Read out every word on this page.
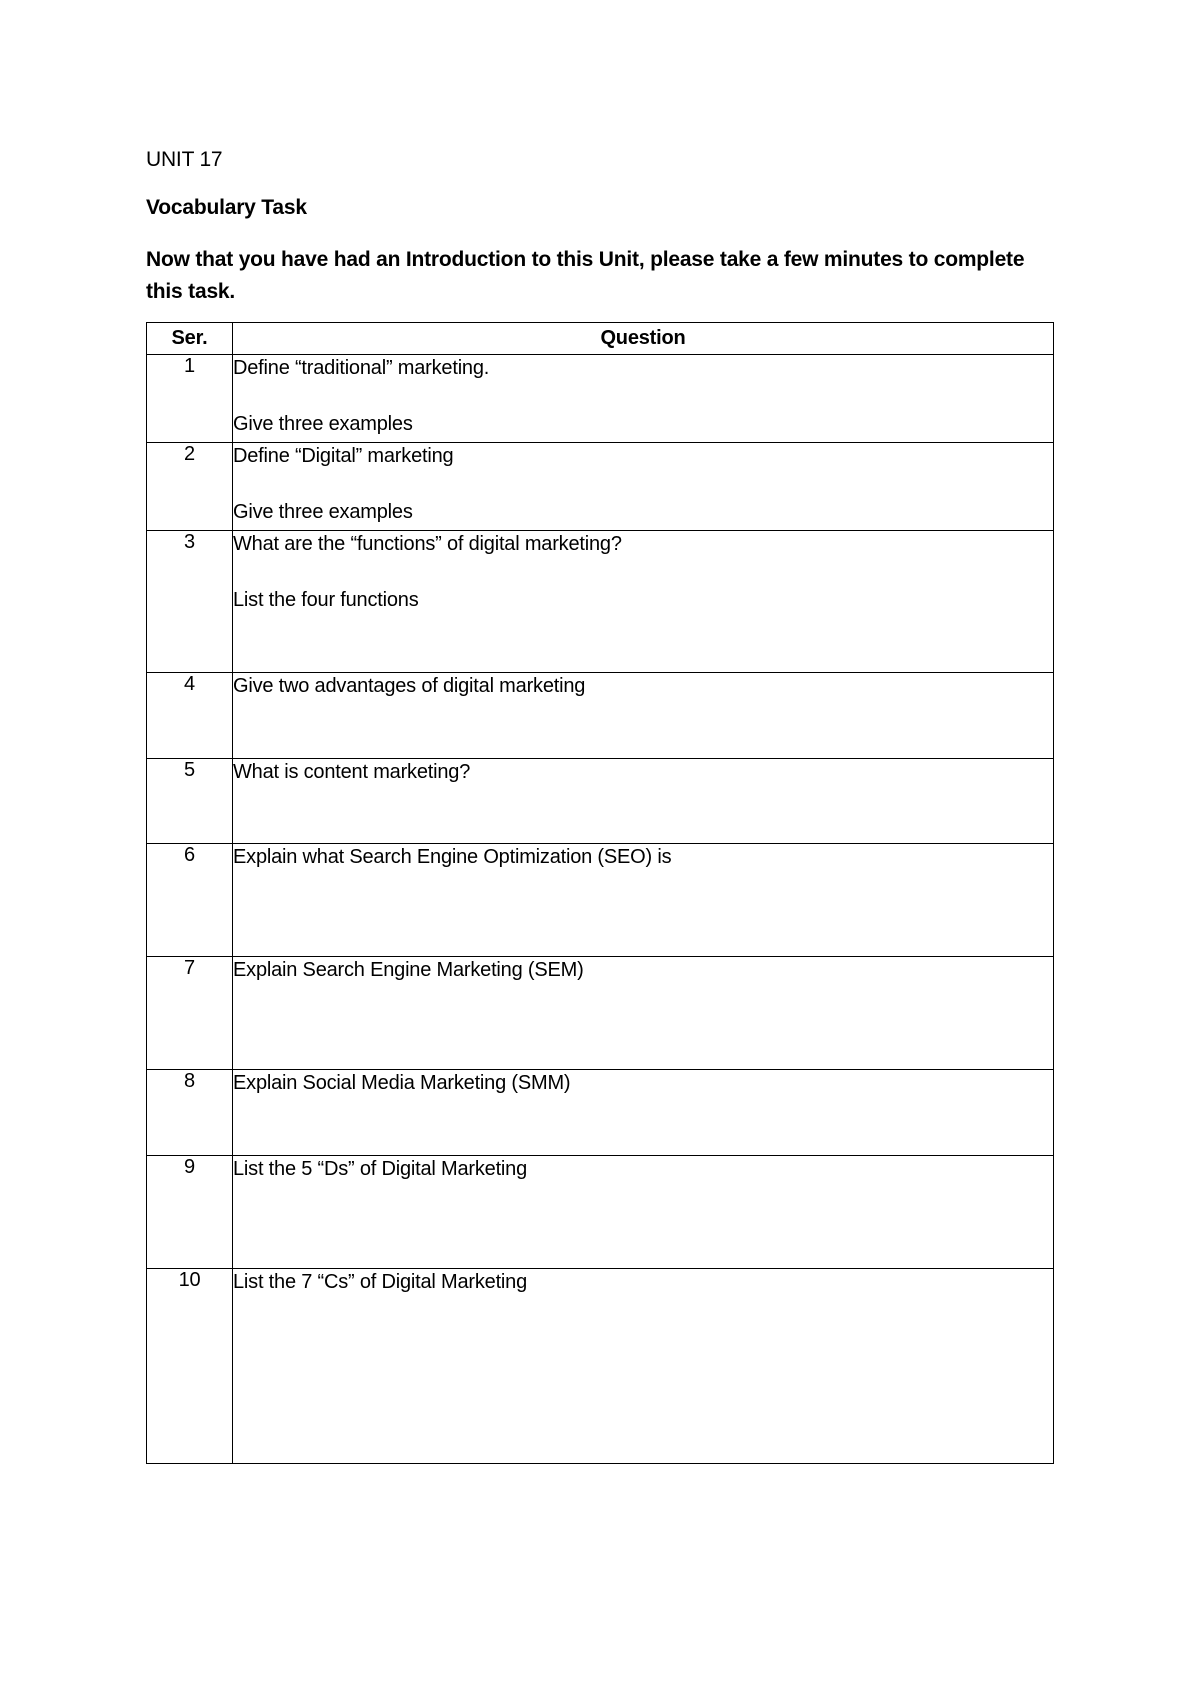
UNIT 17
Vocabulary Task
Now that you have had an Introduction to this Unit, please take a few minutes to complete this task.
Ser.	Question
1	Define “traditional” marketing.
Give three examples

2	Define “Digital” marketing
Give three examples

3	What are the “functions” of digital marketing?
List the four functions

4	Give two advantages of digital marketing

5	What is content marketing?

6	Explain what Search Engine Optimization (SEO) is

7	Explain Search Engine Marketing (SEM)

8	Explain Social Media Marketing (SMM)

9	List the 5 “Ds” of Digital Marketing

10	List the 7 “Cs” of Digital Marketing
